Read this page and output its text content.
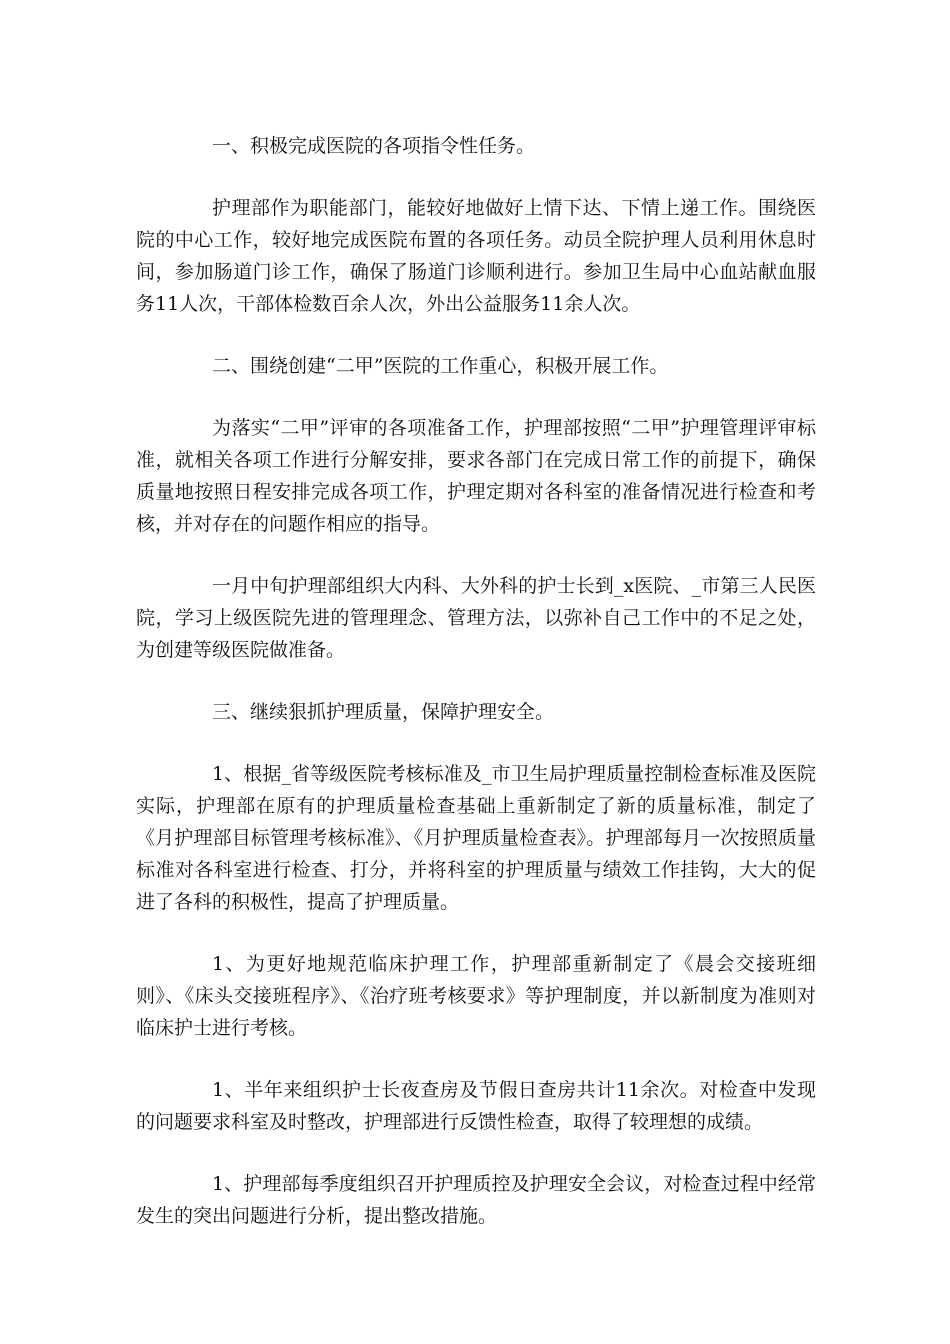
一、积极完成医院的各项指令性任务。

护理部作为职能部门，能较好地做好上情下达、下情上递工作。围绕医院的中心工作，较好地完成医院布置的各项任务。动员全院护理人员利用休息时间，参加肠道门诊工作，确保了肠道门诊顺利进行。参加卫生局中心血站献血服务11人次，干部体检数百余人次，外出公益服务11余人次。

二、围绕创建“二甲”医院的工作重心，积极开展工作。

为落实“二甲”评审的各项准备工作，护理部按照“二甲”护理管理评审标准，就相关各项工作进行分解安排，要求各部门在完成日常工作的前提下，确保质量地按照日程安排完成各项工作，护理定期对各科室的准备情况进行检查和考核，并对存在的问题作相应的指导。

一月中旬护理部组织大内科、大外科的护士长到_x医院、_市第三人民医院，学习上级医院先进的管理理念、管理方法，以弥补自己工作中的不足之处，为创建等级医院做准备。

三、继续狠抓护理质量，保障护理安全。

1、根据_省等级医院考核标准及_市卫生局护理质量控制检查标准及医院实际，护理部在原有的护理质量检查基础上重新制定了新的质量标准，制定了《月护理部目标管理考核标准》、《月护理质量检查表》。护理部每月一次按照质量标准对各科室进行检查、打分，并将科室的护理质量与绩效工作挂钩，大大的促进了各科的积极性，提高了护理质量。

1、为更好地规范临床护理工作，护理部重新制定了《晨会交接班细则》、《床头交接班程序》、《治疗班考核要求》等护理制度，并以新制度为准则对临床护士进行考核。

1、半年来组织护士长夜查房及节假日查房共计11余次。对检查中发现的问题要求科室及时整改，护理部进行反馈性检查，取得了较理想的成绩。

1、护理部每季度组织召开护理质控及护理安全会议，对检查过程中经常发生的突出问题进行分析，提出整改措施。
